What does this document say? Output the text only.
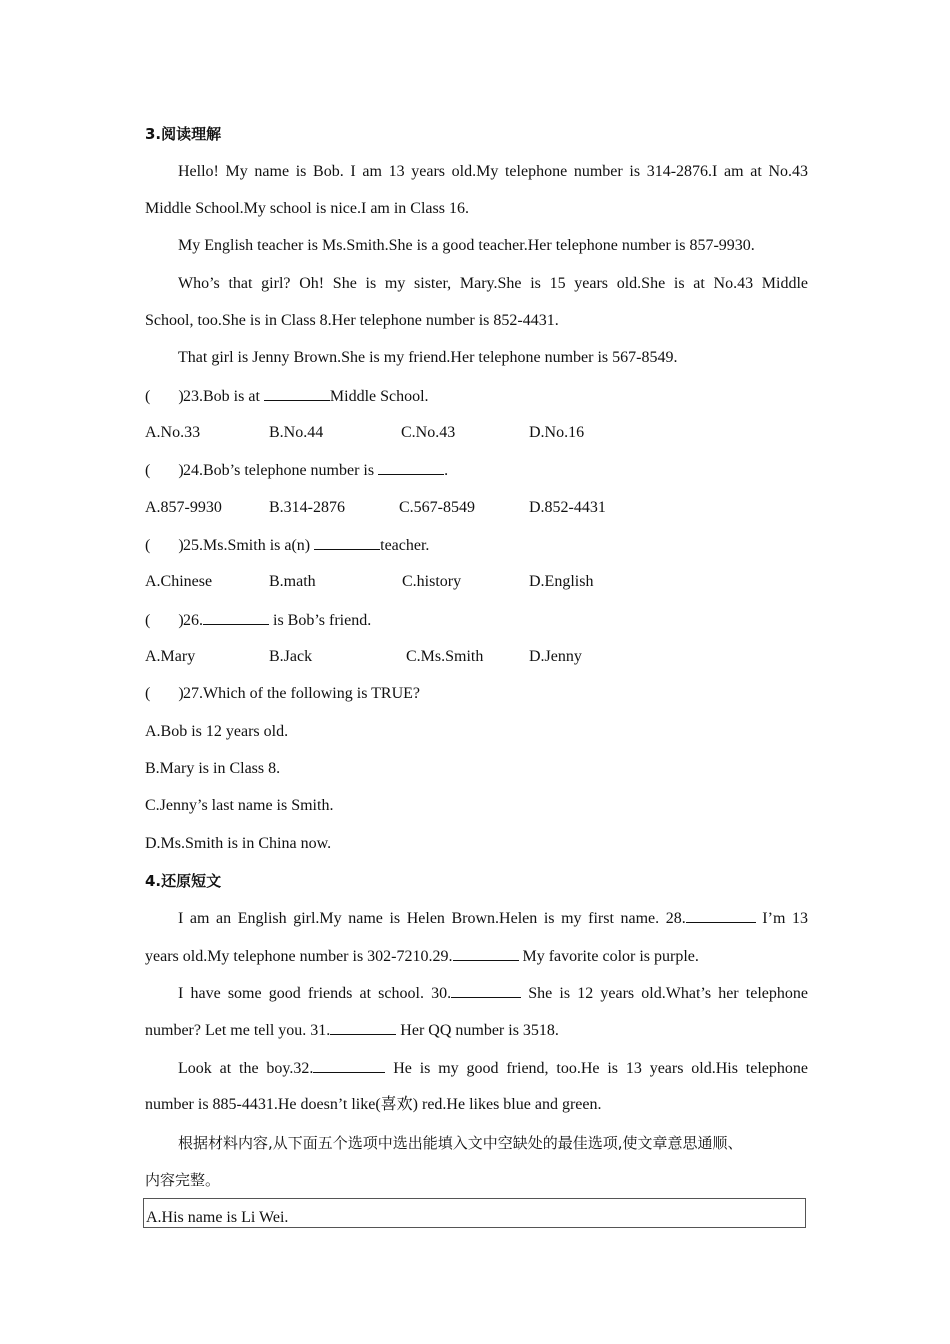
3.阅读理解
Hello! My name is Bob. I am 13 years old.My telephone number is 314-2876.I am at No.43
Middle School.My school is nice.I am in Class 16.
My English teacher is Ms.Smith.She is a good teacher.Her telephone number is 857-9930.
Who’s that girl? Oh! She is my sister, Mary.She is 15 years old.She is at No.43 Middle
School, too.She is in Class 8.Her telephone number is 852-4431.
That girl is Jenny Brown.She is my friend.Her telephone number is 567-8549.
( )23.Bob is at	Middle School.
A.No.33	B.No.44	C.No.43	D.No.16
( )24.Bob’s telephone number is	.
A.857-9930	B.314-2876	C.567-8549	D.852-4431
( )25.Ms.Smith is a(n)	teacher.
A.Chinese	B.math	C.history	D.English
( )26.	is Bob’s friend.
A.Mary	B.Jack	C.Ms.Smith	D.Jenny
( )27.Which of the following is TRUE?
A.Bob is 12 years old.
B.Mary is in Class 8.
C.Jenny’s last name is Smith.
D.Ms.Smith is in China now.
4.还原短文
I am an English girl.My name is Helen Brown.Helen is my first name. 28.	I’m 13
years old.My telephone number is 302-7210.29.	My favorite color is purple.
I have some good friends at school. 30.	She is 12 years old.What’s her telephone
number? Let me tell you. 31.	Her QQ number is 3518.
Look at the boy.32.	He is my good friend, too.He is 13 years old.His telephone
number is 885-4431.He doesn’t like(喜欢) red.He likes blue and green.
根据材料内容,从下面五个选项中选出能填入文中空缺处的最佳选项,使文章意思通顺、
内容完整。
A.His name is Li Wei.
